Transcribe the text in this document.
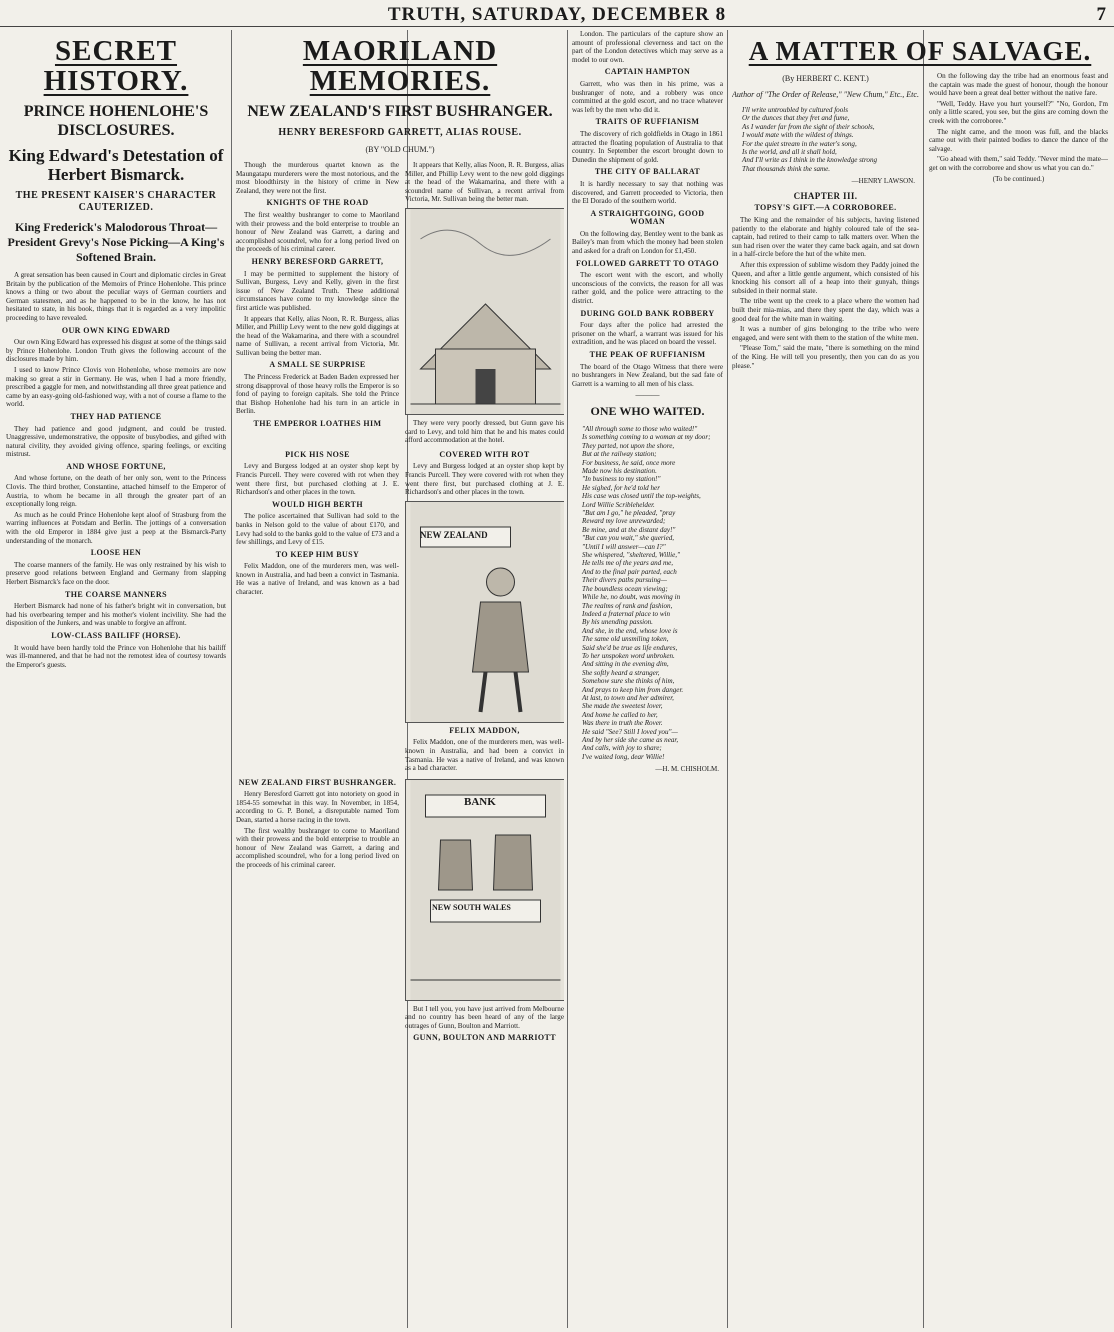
TRUTH, SATURDAY, DECEMBER 8	7
SECRET HISTORY.
PRINCE HOHENLOHE'S DISCLOSURES.
King Edward's Detestation of Herbert Bismarck.
THE PRESENT KAISER'S CHARACTER CAUTERIZED.
King Frederick's Malodorous Throat—President Grevy's Nose Picking—A King's Softened Brain.

A great sensation has been caused in Court and diplomatic circles in Great Britain by the publication of the Memoirs of Prince Hohenlohe. This prince knows a thing or two about the peculiar ways of German courtiers and German statesmen, and as he happened to be in the know, he has not hesitated to state, in his book, things that it is regarded as a very impolitic proceeding to have revealed.

OUR OWN KING EDWARD

Our own King Edward has expressed his disgust at some of the things said by Prince Hohenlohe. London Truth gives the following account of the disclosures made by him.

I used to know Prince Clovis von Hohenlohe, whose memoirs are now making so great a stir in Germany. He was, when I had a more friendly, prescribed a gaggle for men, and notwithstanding all three great patience and came by an easy-going old-fashioned way, with a not of course a flame to the world.

THEY HAD PATIENCE

They had patience and good judgment, and could be trusted. Unaggressive, undemonstrative, the opposite of busybodies, and gifted with natural civility, they avoided giving offence, sparing feelings, or exciting mistrust.

AND WHOSE FORTUNE,

And whose fortune, on the death of her only son, went to the Princess Clovis. The third brother, Constantine, attached himself to the Emperor of Austria, to whom he became in all through the greater part of an exceptionally long reign.

As much as he could Prince Hohenlohe kept aloof of Strasburg from the warring influences at Potsdam and Berlin. The jottings of a conversation with the old Emperor in 1884 give just a peep at the Bismarck-Party understanding of the monarch.

LOOSE HEN

The coarse manners of the family. He was only restrained by his wish to preserve good relations between England and Germany from slapping Herbert Bismarck's face on the door.

THE COARSE MANNERS

Herbert Bismarck had none of his father's bright wit in conversation, but had his overbearing temper and his mother's violent incivility. She had the disposition of the Junkers, and was unable to forgive an affront.

LOW-CLASS BAILIFF (HORSE).

It would have been hardly told the Prince von Hohenlohe that his bailiff was ill-mannered, and that he had not the remotest idea of courtesy towards the Emperor's guests.

MAORILAND MEMORIES.
NEW ZEALAND'S FIRST BUSHRANGER.
HENRY BERESFORD GARRETT, ALIAS ROUSE.
(BY "OLD CHUM.")

Though the murderous quartet known as the Maungatapu murderers were the most notorious, and the most bloodthirsty in the history of crime in New Zealand, they were not the first.

KNIGHTS OF THE ROAD

The first wealthy bushranger to come to Maoriland with their prowess and the bold enterprise to trouble an honour of New Zealand was Garrett, a daring and accomplished scoundrel, who for a long period lived on the proceeds of his criminal career.

HENRY BERESFORD GARRETT,

I may be permitted to supplement the history of Sullivan, Burgess, Levy and Kelly, given in the first issue of New Zealand Truth. These additional circumstances have come to my knowledge since the first article was published.

It appears that Kelly, alias Noon, R. R. Burgess, alias Miller, and Phillip Levy went to the new gold diggings at the head of the Wakamarina, and there with a scoundrel name of Sullivan, a recent arrival from Victoria, Mr. Sullivan being the better man.

A SMALL SE SURPRISE

The Princess Frederick at Baden Baden expressed her strong disapproval of those heavy rolls the Emperor is so fond of paying to foreign capitals. She told the Prince that Bishop Hohenlohe had his turn in an article in Berlin.

THE EMPEROR LOATHES HIM

It appears that Kelly, alias Noon, R. R. Burgess, alias Miller, and Phillip Levy went to the new gold diggings at the head of the Wakamarina, and there with a scoundrel name of Sullivan, a recent arrival from Victoria, Mr. Sullivan being the better man.

They were very poorly dressed, but Gunn gave his card to Levy, and told him that he and his mates could afford accommodation at the hotel.

PICK HIS NOSE

Levy and Burgess lodged at an oyster shop kept by Francis Purcell. They were covered with rot when they went there first, but purchased clothing at J. E. Richardson's and other places in the town.

WOULD HIGH BERTH

The police ascertained that Sullivan had sold to the banks in Nelson gold to the value of about £170, and Levy had sold to the banks gold to the value of £73 and a few shillings, and Levy of £15.

TO KEEP HIM BUSY

Felix Maddon, one of the murderers men, was well-known in Australia, and had been a convict in Tasmania. He was a native of Ireland, and was known as a bad character.

COVERED WITH ROT

Levy and Burgess lodged at an oyster shop kept by Francis Purcell. They were covered with rot when they went there first, but purchased clothing at J. E. Richardson's and other places in the town.

NEW ZEALAND
FELIX MADDON,

Felix Maddon, one of the murderers men, was well-known in Australia, and had been a convict in Tasmania. He was a native of Ireland, and was known as a bad character.

NEW ZEALAND FIRST BUSHRANGER.

Henry Beresford Garrett got into notoriety on good in 1854-55 somewhat in this way. In November, in 1854, according to G. P. Bonel, a disreputable named Tom Dean, started a horse racing in the town.

The first wealthy bushranger to come to Maoriland with their prowess and the bold enterprise to trouble an honour of New Zealand was Garrett, a daring and accomplished scoundrel, who for a long period lived on the proceeds of his criminal career.

BANK
NEW SOUTH WALES

But I tell you, you have just arrived from Melbourne and no country has been heard of any of the large outrages of Gunn, Boulton and Marriott.

GUNN, BOULTON AND MARRIOTT

London. The particulars of the capture show an amount of professional cleverness and tact on the part of the London detectives which may serve as a model to our own.

CAPTAIN HAMPTON

Garrett, who was then in his prime, was a bushranger of note, and a robbery was once committed at the gold escort, and no trace whatever was left by the men who did it.

TRAITS OF RUFFIANISM

The discovery of rich goldfields in Otago in 1861 attracted the floating population of Australia to that country. In September the escort brought down to Dunedin the shipment of gold.

THE CITY OF BALLARAT

It is hardly necessary to say that nothing was discovered, and Garrett proceeded to Victoria, then the El Dorado of the southern world.

A STRAIGHTGOING, GOOD WOMAN

On the following day, Bentley went to the bank as Bailey's man from which the money had been stolen and asked for a draft on London for £1,450.

FOLLOWED GARRETT TO OTAGO

The escort went with the escort, and wholly unconscious of the convicts, the reason for all was rather gold, and the police were attracting to the district.

DURING GOLD BANK ROBBERY

Four days after the police had arrested the prisoner on the wharf, a warrant was issued for his extradition, and he was placed on board the vessel.

THE PEAK OF RUFFIANISM

The board of the Otago Witness that there were no bushrangers in New Zealand, but the sad fate of Garrett is a warning to all men of his class.

———
ONE WHO WAITED.
"All through some to those who waited!"
Is something coming to a woman at my door;
They parted, not upon the shore,
But at the railway station;
For business, he said, once more
Made now his destination.
"In business to my station!"
He sighed, for he'd told her
His case was closed until the top-weights,
Lord Willie Scriblehelder.
"But am I go," he pleaded, "pray
Reward my love unrewarded;
Be mine, and at the distant day!"
"But can you wait," she queried,
"Until I will answer—can I?"
She whispered, "sheltered, Willie,"
He tells me of the years and me,
And to the final pair parted, each
Their divers paths pursuing—
The boundless ocean viewing;
While he, no doubt, was moving in
The realms of rank and fashion,
Indeed a fraternal place to win
By his unending passion.
And she, in the end, whose love is
The same old unsmiling token,
Said she'd be true as life endures,
To her unspoken word unbroken.
And sitting in the evening dim,
She softly heard a stranger,
Somehow sure she thinks of him,
And prays to keep him from danger.
At last, to town and her admirer,
She made the sweetest lover,
And home he called to her,
Was there in truth the Rover.
He said "See? Still I loved you"—
And by her side she came as near,
And calls, with joy to share;
I've waited long, dear Willie!
—H. M. CHISHOLM.
A MATTER OF SALVAGE.
(By HERBERT C. KENT.)
Author of "The Order of Release," "New Chum," Etc., Etc.
I'll write untroubled by cultured fools
Or the dunces that they fret and fume,
As I wander far from the sight of their schools,
I would mate with the wildest of things.
For the quiet stream in the water's song,
Is the world, and all it shall hold,
And I'll write as I think in the knowledge strong
That thousands think the same.
—HENRY LAWSON.
CHAPTER III.
TOPSY'S GIFT.—A CORROBOREE.

The King and the remainder of his subjects, having listened patiently to the elaborate and highly coloured tale of the sea-captain, had retired to their camp to talk matters over. When the sun had risen over the water they came back again, and sat down in a half-circle before the hut of the white men.

After this expression of sublime wisdom they Paddy joined the Queen, and after a little gentle argument, which consisted of his knocking his consort all of a heap into their gunyah, things subsided in their normal state.

The tribe went up the creek to a place where the women had built their mia-mias, and there they spent the day, which was a good deal for the white man in waiting.

It was a number of gins belonging to the tribe who were engaged, and were sent with them to the station of the white men.

"Please Tom," said the mate, "there is something on the mind of the King. He will tell you presently, then you can do as you please."

On the following day the tribe had an enormous feast and the captain was made the guest of honour, though the honour would have been a great deal better without the native fare.

"Well, Teddy. Have you hurt yourself?" "No, Gordon, I'm only a little scared, you see, but the gins are coming down the creek with the corroboree."

The night came, and the moon was full, and the blacks came out with their painted bodies to dance the dance of the salvage.

"Go ahead with them," said Teddy. "Never mind the mate—get on with the corroboree and show us what you can do."

(To be continued.)
